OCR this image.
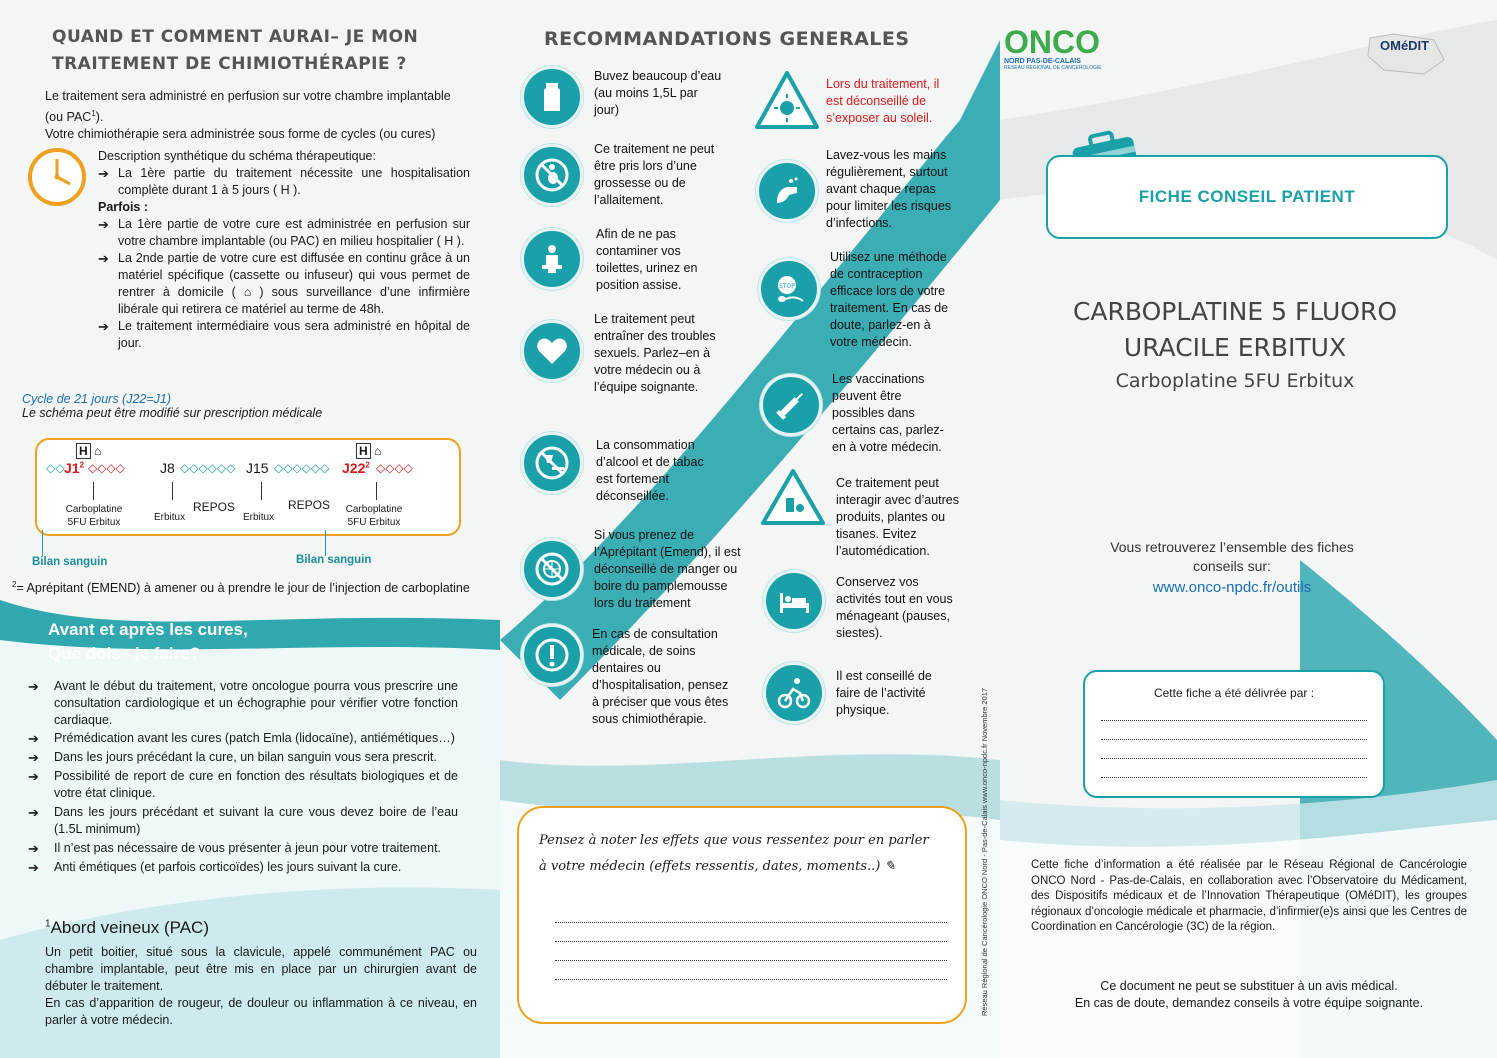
QUAND ET COMMENT AURAI– JE MON
TRAITEMENT DE CHIMIOTHÉRAPIE ?
Le traitement sera administré en perfusion sur votre chambre implantable
(ou PAC$^1$).
Votre chimiothérapie sera administrée sous forme de cycles (ou cures)
Description synthétique du schéma thérapeutique:
➔ La 1ère partie du traitement nécessite une hospitalisation complète durant 1 à 5 jours ( H ).
Parfois :
➔ La 1ère partie de votre cure est administrée en perfusion sur votre chambre implantable (ou PAC) en milieu hospitalier ( H ).
➔ La 2nde partie de votre cure est diffusée en continu grâce à un matériel spécifique (cassette ou infuseur) qui vous permet de rentrer à domicile ( ⌂ ) sous surveillance d’une infirmière libérale qui retirera ce matériel au terme de 48h.
➔ Le traitement intermédiaire vous sera administré en hôpital de jour.
Cycle de 21 jours (J22=J1)
Le schéma peut être modifié sur prescription médicale
◇◇ $J1^2$ ◇◇◇◇	J8 ◇◇◇◇◇◇ J15 ◇◇◇◇◇◇ $J22^2$ ◇◇◇◇
H ⌂	H ⌂
Carboplatine
5FU Erbitux	Erbitux
REPOS
Erbitux
REPOS	Carboplatine
5FU Erbitux
Bilan sanguin	Bilan sanguin
$^2$= Aprépitant (EMEND) à amener ou à prendre le jour de l’injection de carboplatine
Avant et après les cures,
Que dois– je faire?
➔ Avant le début du traitement, votre oncologue pourra vous prescrire une consultation cardiologique et un échographie pour vérifier votre fonction cardiaque.
➔ Prémédication avant les cures (patch Emla (lidocaïne), antiémétiques…)
➔ Dans les jours précédant la cure, un bilan sanguin vous sera prescrit.
➔ Possibilité de report de cure en fonction des résultats biologiques et de votre état clinique.
➔ Dans les jours précédant et suivant la cure vous devez boire de l’eau (1.5L minimum)
➔ Il n’est pas nécessaire de vous présenter à jeun pour votre traitement.
➔ Anti émétiques (et parfois corticoïdes) les jours suivant la cure.
$^1$Abord veineux (PAC)
Un petit boitier, situé sous la clavicule, appelé communément PAC ou chambre implantable, peut être mis en place par un chirurgien avant de débuter le traitement.
En cas d’apparition de rougeur, de douleur ou inflammation à ce niveau, en parler à votre médecin.
RECOMMANDATIONS GENERALES
Buvez beaucoup d’eau (au moins 1,5L par jour)
Ce traitement ne peut être pris lors d’une grossesse ou de l’allaitement.
Afin de ne pas contaminer vos toilettes, urinez en position assise.
Le traitement peut entraîner des troubles sexuels. Parlez–en à votre médecin ou à l’équipe soignante.
La consommation d’alcool et de tabac est fortement déconseillée.
Si vous prenez de l’Aprépitant (Emend), il est déconseillé de manger ou boire du pamplemousse lors du traitement
En cas de consultation médicale, de soins dentaires ou d’hospitalisation, pensez à préciser que vous êtes sous chimiothérapie.
Lors du traitement, il est déconseillé de s’exposer au soleil.
Lavez-vous les mains régulièrement, surtout avant chaque repas pour limiter les risques d’infections.
STOP
Utilisez une méthode de contraception efficace lors de votre traitement. En cas de doute, parlez-en à votre médecin.
Les vaccinations peuvent être possibles dans certains cas, parlez-en à votre médecin.
Ce traitement peut interagir avec d’autres produits, plantes ou tisanes. Evitez l’automédication.
Conservez vos activités tout en vous ménageant (pauses, siestes).
Il est conseillé de faire de l’activité physique.
Pensez à noter les effets que vous ressentez pour en parler
à votre médecin (effets ressentis, dates, moments..) ✎	Réseau Régional de Cancérologie ONCO Nord - Pas-de-Calais www.onco-npdc.fr Novembre 2017
ONCO
NORD PAS-DE-CALAIS
RESEAU REGIONAL DE CANCEROLOGIE
OMéDIT
FICHE CONSEIL PATIENT
CARBOPLATINE 5 FLUORO
URACILE ERBITUX
Carboplatine 5FU Erbitux
Vous retrouverez l’ensemble des fiches
conseils sur:
www.onco-npdc.fr/outils
Cette fiche a été délivrée par :
Cette fiche d’information a été réalisée par le Réseau Régional de Cancérologie ONCO Nord - Pas-de-Calais, en collaboration avec l’Observatoire du Médicament, des Dispositifs médicaux et de l’Innovation Thérapeutique (OMéDIT), les groupes régionaux d’oncologie médicale et pharmacie, d’infirmier(e)s ainsi que les Centres de Coordination en Cancérologie (3C) de la région.
Ce document ne peut se substituer à un avis médical.
En cas de doute, demandez conseils à votre équipe soignante.
